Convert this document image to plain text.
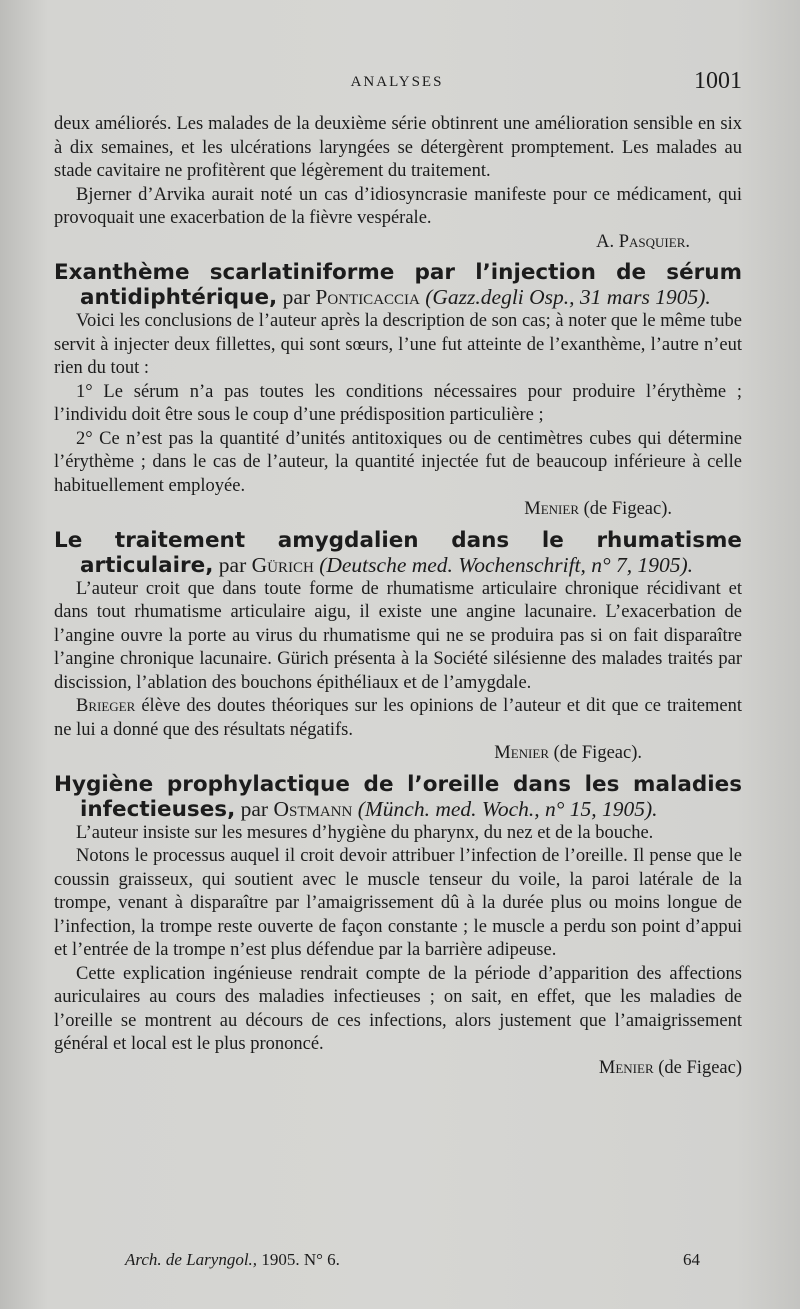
ANALYSES	1001

deux améliorés. Les malades de la deuxième série obtinrent une amélioration sensible en six à dix semaines, et les ulcérations laryngées se détergèrent promptement. Les malades au stade cavitaire ne profitèrent que légèrement du traitement.

Bjerner d’Arvika aurait noté un cas d’idiosyncrasie manifeste pour ce médicament, qui provoquait une exacerbation de la fièvre vespérale.

A. Pasquier.

Exanthème scarlatiniforme par l’injection de sérum antidiphtérique, par Ponticaccia (Gazz.degli Osp., 31 mars 1905).

Voici les conclusions de l’auteur après la description de son cas; à noter que le même tube servit à injecter deux fillettes, qui sont sœurs, l’une fut atteinte de l’exanthème, l’autre n’eut rien du tout :

1° Le sérum n’a pas toutes les conditions nécessaires pour produire l’érythème ; l’individu doit être sous le coup d’une prédisposition particulière ;

2° Ce n’est pas la quantité d’unités antitoxiques ou de centimètres cubes qui détermine l’érythème ; dans le cas de l’auteur, la quantité injectée fut de beaucoup inférieure à celle habituellement employée.

Menier (de Figeac).

Le traitement amygdalien dans le rhumatisme articulaire, par Gürich (Deutsche med. Wochenschrift, n° 7, 1905).

L’auteur croit que dans toute forme de rhumatisme articulaire chronique récidivant et dans tout rhumatisme articulaire aigu, il existe une angine lacunaire. L’exacerbation de l’angine ouvre la porte au virus du rhumatisme qui ne se produira pas si on fait disparaître l’angine chronique lacunaire. Gürich présenta à la Société silésienne des malades traités par discission, l’ablation des bouchons épithéliaux et de l’amygdale.

Brieger élève des doutes théoriques sur les opinions de l’auteur et dit que ce traitement ne lui a donné que des résultats négatifs.

Menier (de Figeac).

Hygiène prophylactique de l’oreille dans les maladies infectieuses, par Ostmann (Münch. med. Woch., n° 15, 1905).

L’auteur insiste sur les mesures d’hygiène du pharynx, du nez et de la bouche.

Notons le processus auquel il croit devoir attribuer l’infection de l’oreille. Il pense que le coussin graisseux, qui soutient avec le muscle tenseur du voile, la paroi latérale de la trompe, venant à disparaître par l’amaigrissement dû à la durée plus ou moins longue de l’infection, la trompe reste ouverte de façon constante ; le muscle a perdu son point d’appui et l’entrée de la trompe n’est plus défendue par la barrière adipeuse.

Cette explication ingénieuse rendrait compte de la période d’apparition des affections auriculaires au cours des maladies infectieuses ; on sait, en effet, que les maladies de l’oreille se montrent au décours de ces infections, alors justement que l’amaigrissement général et local est le plus prononcé.

Menier (de Figeac)

Arch. de Laryngol., 1905. N° 6.	64
